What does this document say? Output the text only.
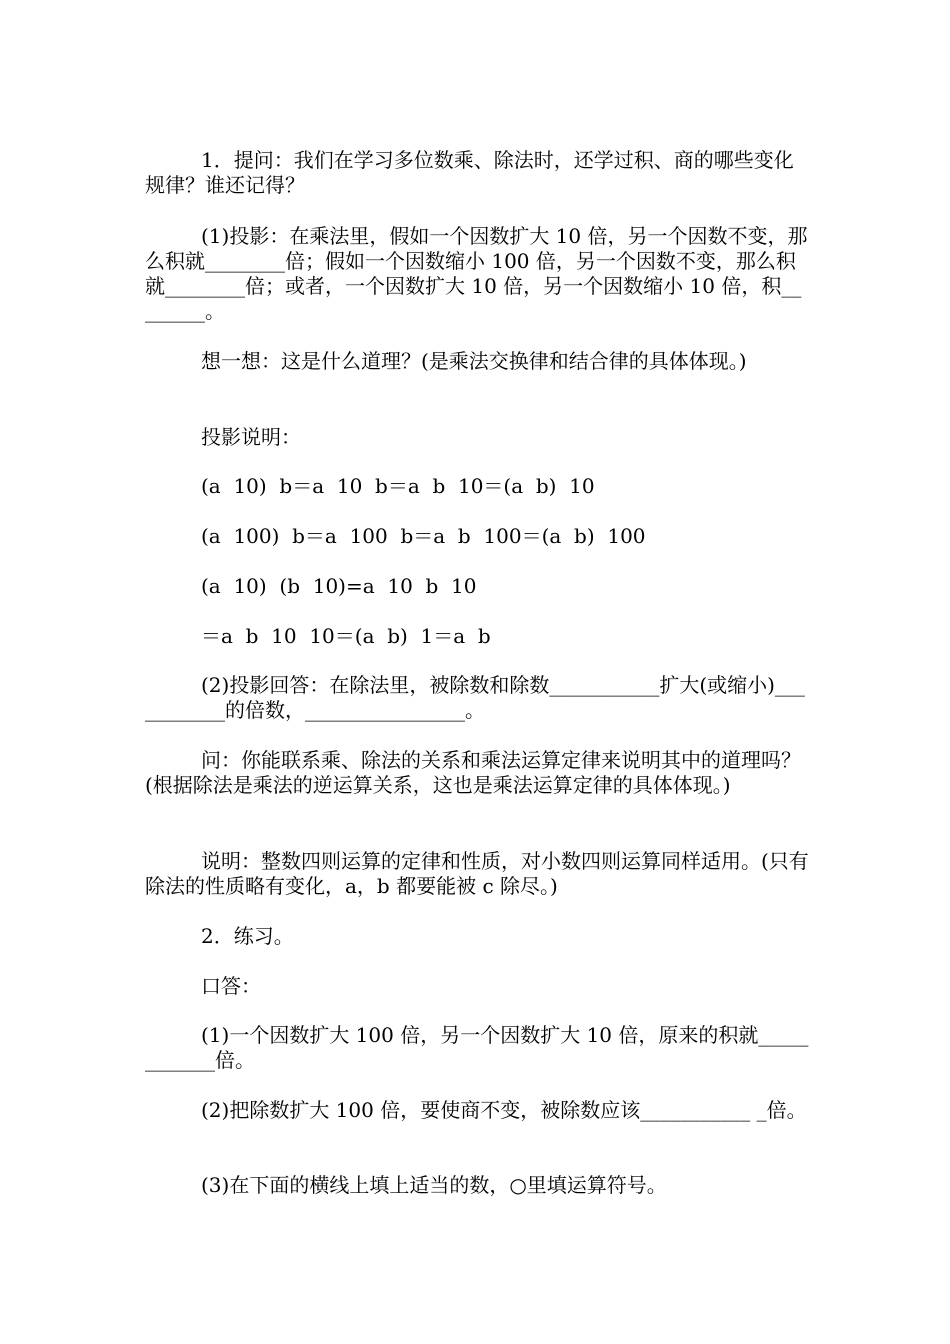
1．提问：我们在学习多位数乘、除法时，还学过积、商的哪些变化规律？谁还记得？

(1)投影：在乘法里，假如一个因数扩大 10 倍，另一个因数不变，那么积就________倍；假如一个因数缩小 100 倍，另一个因数不变，那么积就________倍；或者，一个因数扩大 10 倍，另一个因数缩小 10 倍，积________。

想一想：这是什么道理？(是乘法交换律和结合律的具体体现。)

投影说明：

(a  10)  b＝a  10  b＝a  b  10＝(a  b)  10

(a  100)  b＝a  100  b＝a  b  100＝(a  b)  100

(a  10)  (b  10)=a  10  b  10

＝a  b  10  10＝(a  b)  1＝a  b

(2)投影回答：在除法里，被除数和除数___________扩大(或缩小)___________的倍数，________________。

问：你能联系乘、除法的关系和乘法运算定律来说明其中的道理吗？(根据除法是乘法的逆运算关系，这也是乘法运算定律的具体体现。)

说明：整数四则运算的定律和性质，对小数四则运算同样适用。(只有除法的性质略有变化，a，b 都要能被 c 除尽。)

2．练习。

口答：

(1)一个因数扩大 100 倍，另一个因数扩大 10 倍，原来的积就____________倍。

(2)把除数扩大 100 倍，要使商不变，被除数应该___________ _倍。

(3)在下面的横线上填上适当的数，○里填运算符号。
